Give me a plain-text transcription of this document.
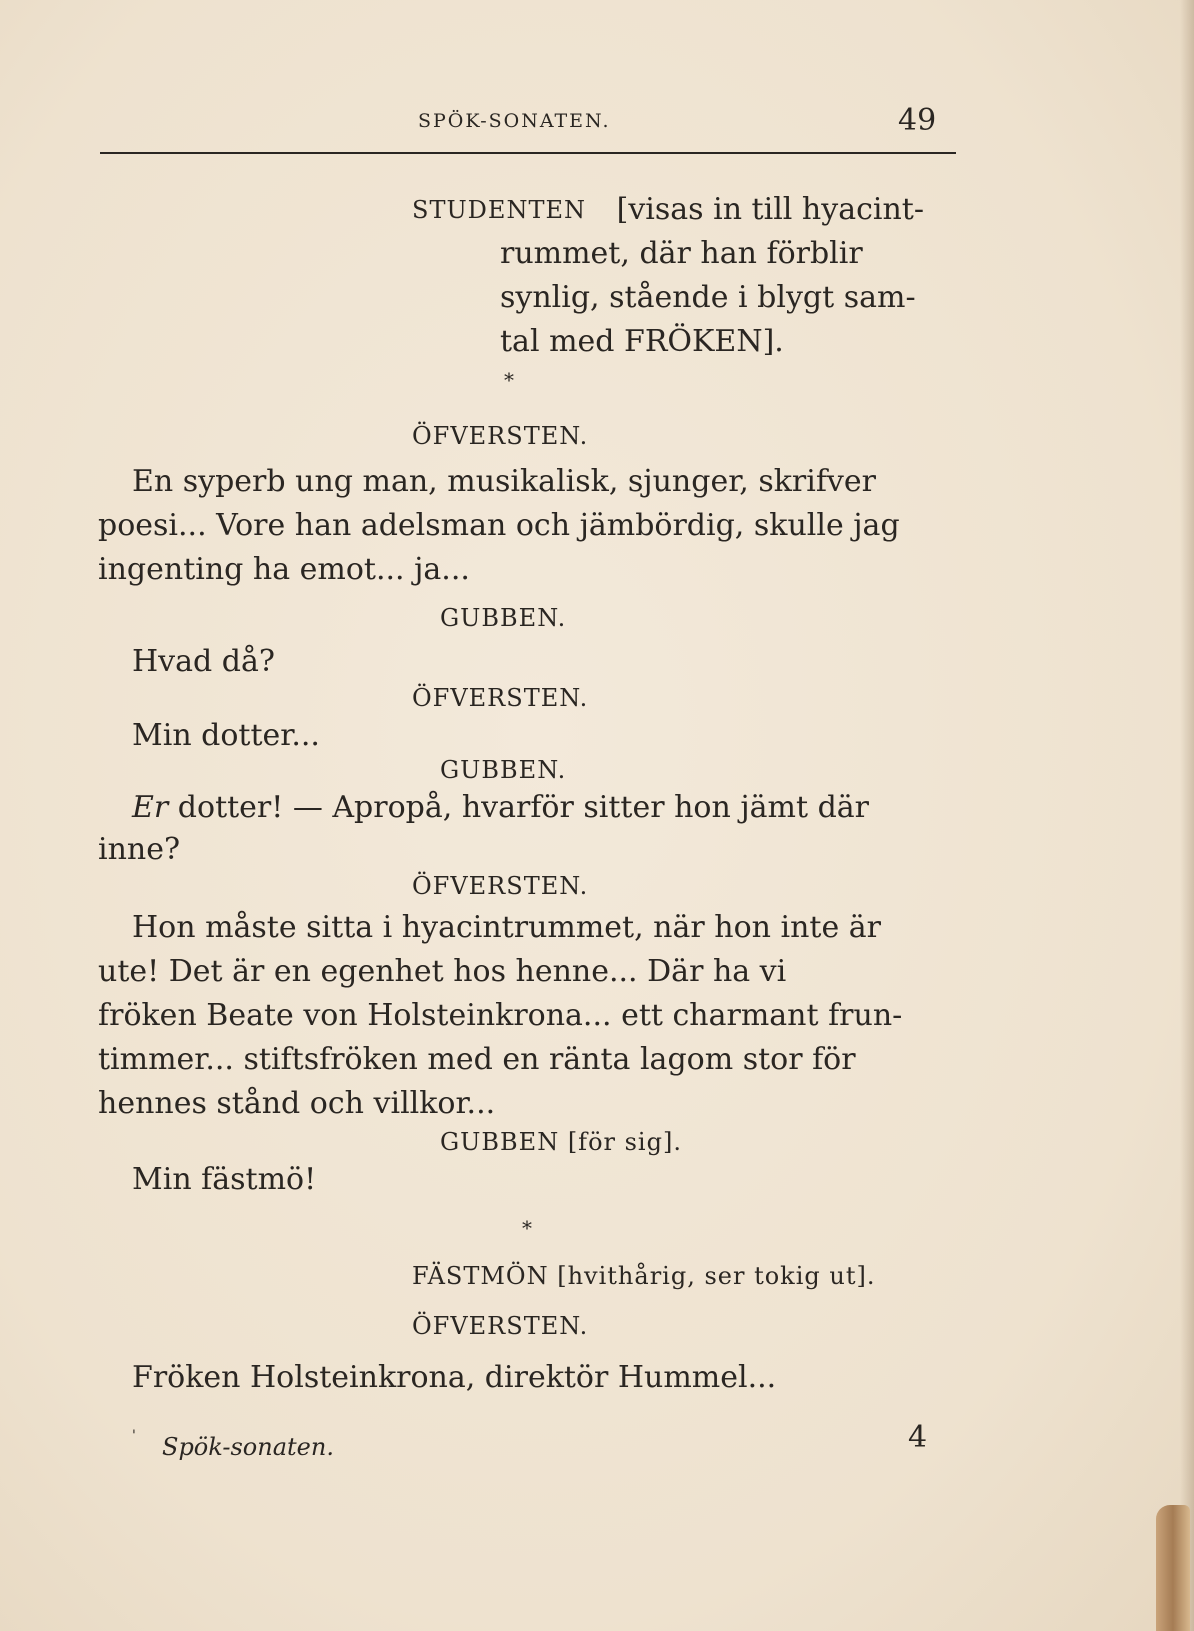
SPÖK-SONATEN.	49
STUDENTEN [visas in till hyacint-
rummet, där han förblir
synlig, stående i blygt sam-
tal med FRÖKEN].
*
ÖFVERSTEN.
En syperb ung man, musikalisk, sjunger, skrifver
poesi... Vore han adelsman och jämbördig, skulle jag
ingenting ha emot... ja...
GUBBEN.
Hvad då?
ÖFVERSTEN.
Min dotter...
GUBBEN.
Er dotter! — Apropå, hvarför sitter hon jämt där
inne?
ÖFVERSTEN.
Hon måste sitta i hyacintrummet, när hon inte är
ute! Det är en egenhet hos henne... Där ha vi
fröken Beate von Holsteinkrona... ett charmant frun-
timmer... stiftsfröken med en ränta lagom stor för
hennes stånd och villkor...
GUBBEN [för sig].
Min fästmö!
*
FÄSTMÖN [hvithårig, ser tokig ut].
ÖFVERSTEN.
Fröken Holsteinkrona, direktör Hummel...
' Spök-sonaten.	4
